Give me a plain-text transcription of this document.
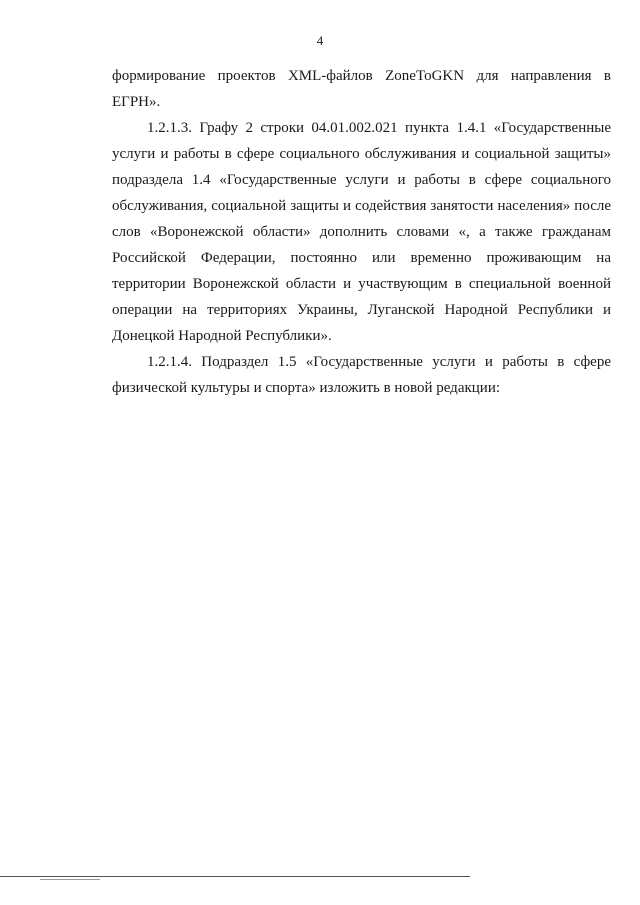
4
формирование проектов XML-файлов ZoneToGKN для направления в
ЕГРН».
1.2.1.3. Графу 2 строки 04.01.002.021 пункта 1.4.1 «Государственные
услуги и работы в сфере социального обслуживания и социальной защиты»
подраздела 1.4 «Государственные услуги и работы в сфере социального
обслуживания, социальной защиты и содействия занятости населения» после
слов «Воронежской области» дополнить словами «, а также гражданам
Российской Федерации, постоянно или временно проживающим на
территории Воронежской области и участвующим в специальной военной
операции на территориях Украины, Луганской Народной Республики и
Донецкой Народной Республики».
1.2.1.4. Подраздел 1.5 «Государственные услуги и работы в сфере
физической культуры и спорта» изложить в новой редакции:
